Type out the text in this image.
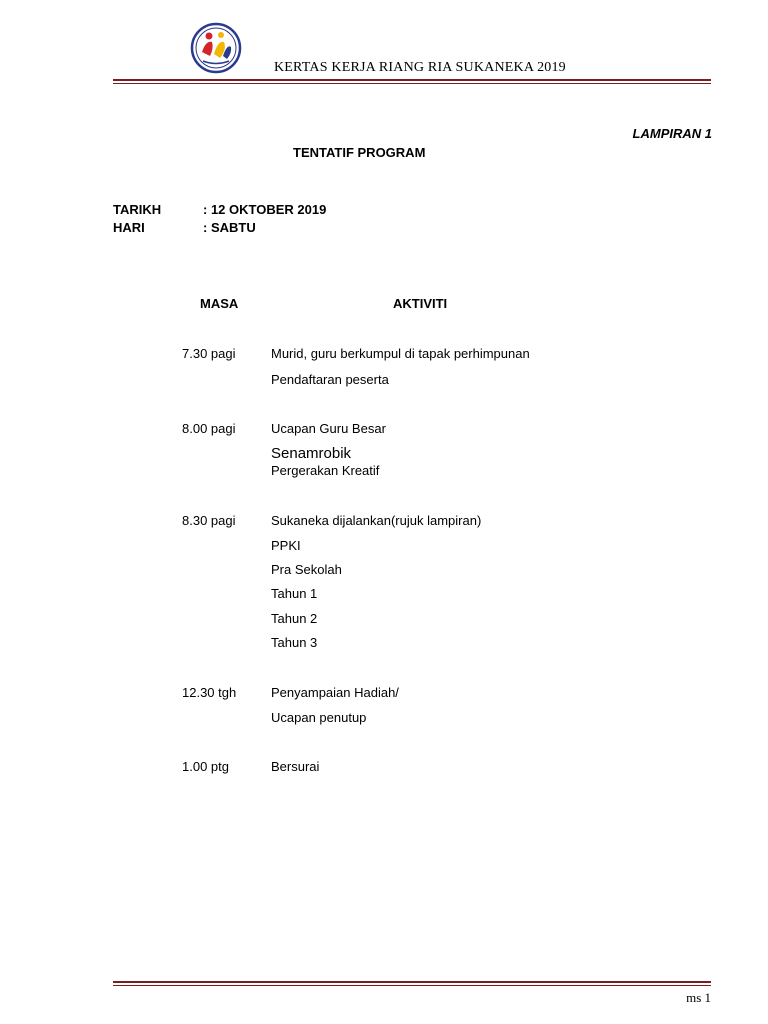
KERTAS KERJA RIANG RIA SUKANEKA 2019
LAMPIRAN 1
TENTATIF PROGRAM
TARIKH	: 12 OKTOBER 2019
HARI	: SABTU
MASA	AKTIVITI
7.30 pagi	Murid, guru berkumpul di tapak perhimpunan
Pendaftaran peserta
8.00 pagi	Ucapan Guru Besar
Senamrobik
Pergerakan Kreatif
8.30 pagi	Sukaneka dijalankan(rujuk lampiran)
PPKI
Pra Sekolah
Tahun 1
Tahun 2
Tahun 3
12.30 tgh	Penyampaian Hadiah/
Ucapan penutup
1.00 ptg	Bersurai
ms 1
